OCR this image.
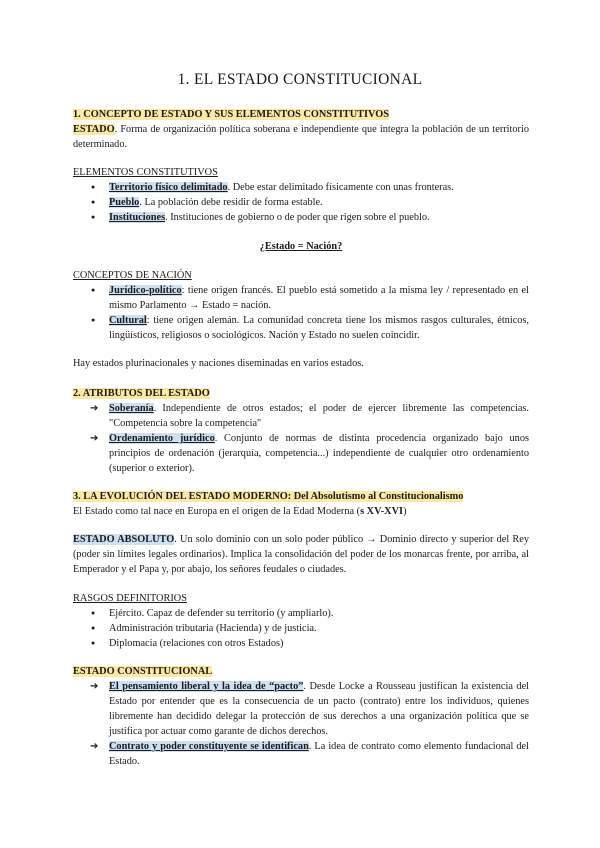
1. EL ESTADO CONSTITUCIONAL
1. CONCEPTO DE ESTADO Y SUS ELEMENTOS CONSTITUTIVOS

ESTADO. Forma de organización política soberana e independiente que integra la población de un territorio determinado.

ELEMENTOS CONSTITUTIVOS
● Territorio físico delimitado. Debe estar delimitado físicamente con unas fronteras.
● Pueblo. La población debe residir de forma estable.
● Instituciones. Instituciones de gobierno o de poder que rigen sobre el pueblo.
¿Estado = Nación?
CONCEPTOS DE NACIÓN
● Jurídico-político: tiene origen francés. El pueblo está sometido a la misma ley / representado en el mismo Parlamento → Estado = nación.
● Cultural: tiene origen alemán. La comunidad concreta tiene los mismos rasgos culturales, étnicos, lingüísticos, religiosos o sociológicos. Nación y Estado no suelen coincidir.

Hay estados plurinacionales y naciones diseminadas en varios estados.

2. ATRIBUTOS DEL ESTADO
➔ Soberanía. Independiente de otros estados; el poder de ejercer libremente las competencias. "Competencia sobre la competencia"
➔ Ordenamiento jurídico. Conjunto de normas de distinta procedencia organizado bajo unos principios de ordenación (jerarquía, competencia...) independiente de cualquier otro ordenamiento (superior o exterior).
3. LA EVOLUCIÓN DEL ESTADO MODERNO: Del Absolutismo al Constitucionalismo

El Estado como tal nace en Europa en el origen de la Edad Moderna (s XV-XVI)

ESTADO ABSOLUTO. Un solo dominio con un solo poder público → Dominio directo y superior del Rey (poder sin límites legales ordinarios). Implica la consolidación del poder de los monarcas frente, por arriba, al Emperador y el Papa y, por abajo, los señores feudales o ciudades.

RASGOS DEFINITORIOS
● Ejército. Capaz de defender su territorio (y ampliarlo).
● Administración tributaria (Hacienda) y de justicia.
● Diplomacia (relaciones con otros Estados)
ESTADO CONSTITUCIONAL
➔ El pensamiento liberal y la idea de “pacto”. Desde Locke a Rousseau justifican la existencia del Estado por entender que es la consecuencia de un pacto (contrato) entre los individuos, quienes libremente han decidido delegar la protección de sus derechos a una organización política que se justifica por actuar como garante de dichos derechos.
➔ Contrato y poder constituyente se identifican. La idea de contrato como elemento fundacional del Estado.
